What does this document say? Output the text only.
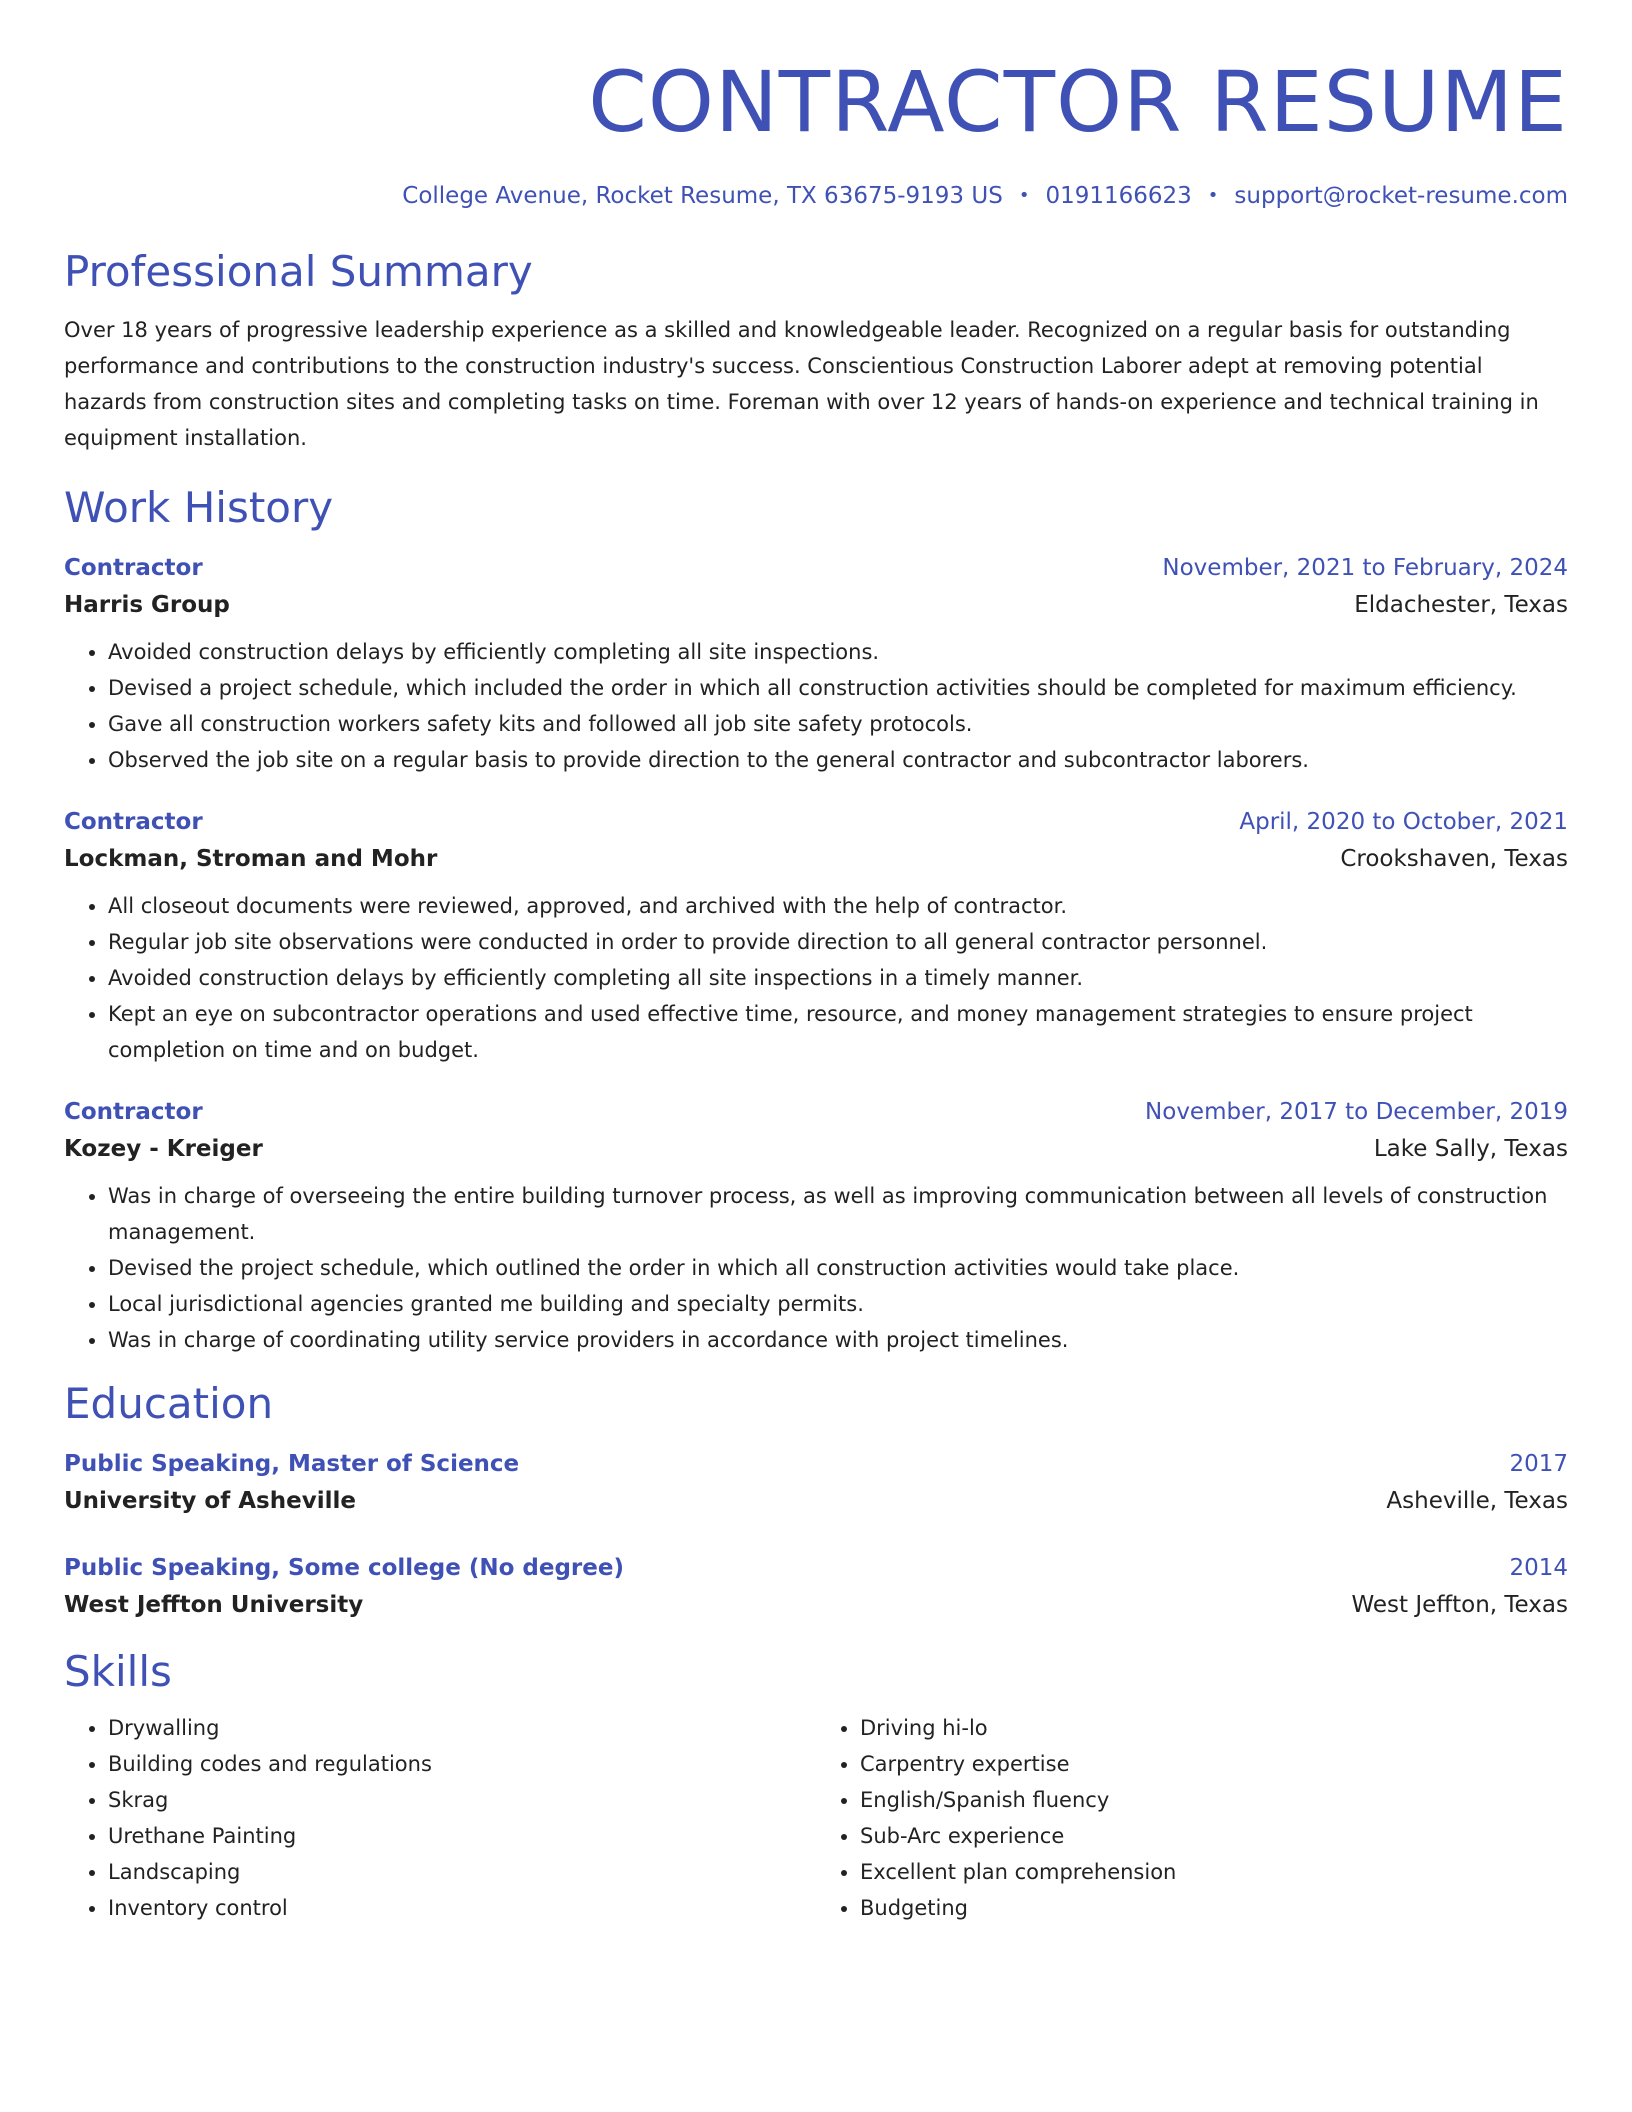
CONTRACTOR RESUME
College Avenue, Rocket Resume, TX 63675-9193 US • 0191166623 • support@rocket-resume.com
Professional Summary

Over 18 years of progressive leadership experience as a skilled and knowledgeable leader. Recognized on a regular basis for outstanding performance and contributions to the construction industry's success. Conscientious Construction Laborer adept at removing potential hazards from construction sites and completing tasks on time. Foreman with over 12 years of hands-on experience and technical training in equipment installation.

Work History
Contractor	November, 2021 to February, 2024
Harris Group	Eldachester, Texas
• Avoided construction delays by efficiently completing all site inspections.
• Devised a project schedule, which included the order in which all construction activities should be completed for maximum efficiency.
• Gave all construction workers safety kits and followed all job site safety protocols.
• Observed the job site on a regular basis to provide direction to the general contractor and subcontractor laborers.
Contractor	April, 2020 to October, 2021
Lockman, Stroman and Mohr	Crookshaven, Texas
• All closeout documents were reviewed, approved, and archived with the help of contractor.
• Regular job site observations were conducted in order to provide direction to all general contractor personnel.
• Avoided construction delays by efficiently completing all site inspections in a timely manner.
• Kept an eye on subcontractor operations and used effective time, resource, and money management strategies to ensure project completion on time and on budget.
Contractor	November, 2017 to December, 2019
Kozey - Kreiger	Lake Sally, Texas
• Was in charge of overseeing the entire building turnover process, as well as improving communication between all levels of construction management.
• Devised the project schedule, which outlined the order in which all construction activities would take place.
• Local jurisdictional agencies granted me building and specialty permits.
• Was in charge of coordinating utility service providers in accordance with project timelines.
Education
Public Speaking, Master of Science	2017
University of Asheville	Asheville, Texas
Public Speaking, Some college (No degree)	2014
West Jeffton University	West Jeffton, Texas
Skills
• Drywalling
• Building codes and regulations
• Skrag
• Urethane Painting
• Landscaping
• Inventory control
• Driving hi-lo
• Carpentry expertise
• English/Spanish fluency
• Sub-Arc experience
• Excellent plan comprehension
• Budgeting
